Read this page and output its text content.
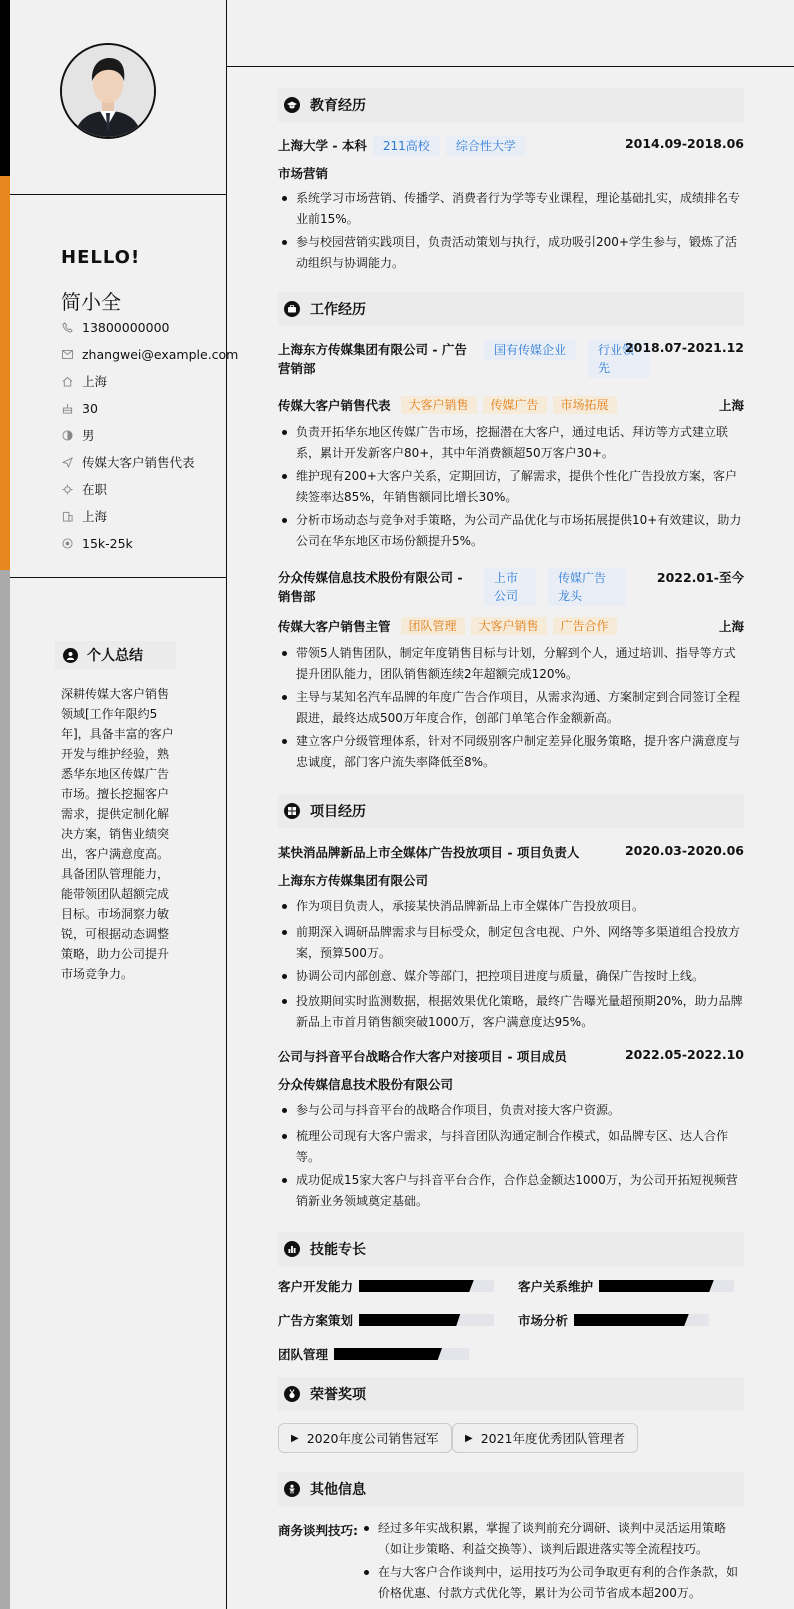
HELLO!
简小全
13800000000
zhangwei@example.com
上海
30
男
传媒大客户销售代表
在职
上海
15k-25k
个人总结
深耕传媒大客户销售领域[工作年限约5年]，具备丰富的客户开发与维护经验，熟悉华东地区传媒广告市场。擅长挖掘客户需求，提供定制化解决方案，销售业绩突出，客户满意度高。具备团队管理能力，能带领团队超额完成目标。市场洞察力敏锐，可根据动态调整策略，助力公司提升市场竞争力。
教育经历
上海大学 - 本科	211高校	综合性大学	2014.09-2018.06
市场营销
系统学习市场营销、传播学、消费者行为学等专业课程，理论基础扎实，成绩排名专业前15%。
参与校园营销实践项目，负责活动策划与执行，成功吸引200+学生参与，锻炼了活动组织与协调能力。
工作经历
上海东方传媒集团有限公司 - 广告营销部
国有传媒企业	行业领先
2018.07-2021.12
传媒大客户销售代表	大客户销售	传媒广告	市场拓展	上海
负责开拓华东地区传媒广告市场，挖掘潜在大客户，通过电话、拜访等方式建立联系，累计开发新客户80+，其中年消费额超50万客户30+。
维护现有200+大客户关系，定期回访，了解需求，提供个性化广告投放方案，客户续签率达85%，年销售额同比增长30%。
分析市场动态与竞争对手策略，为公司产品优化与市场拓展提供10+有效建议，助力公司在华东地区市场份额提升5%。
分众传媒信息技术股份有限公司 - 销售部
上市公司
传媒广告龙头
2022.01-至今
传媒大客户销售主管	团队管理	大客户销售	广告合作	上海
带领5人销售团队，制定年度销售目标与计划，分解到个人，通过培训、指导等方式提升团队能力，团队销售额连续2年超额完成120%。
主导与某知名汽车品牌的年度广告合作项目，从需求沟通、方案制定到合同签订全程跟进，最终达成500万年度合作，创部门单笔合作金额新高。
建立客户分级管理体系，针对不同级别客户制定差异化服务策略，提升客户满意度与忠诚度，部门客户流失率降低至8%。
项目经历
某快消品牌新品上市全媒体广告投放项目 - 项目负责人	2020.03-2020.06
上海东方传媒集团有限公司
作为项目负责人，承接某快消品牌新品上市全媒体广告投放项目。
前期深入调研品牌需求与目标受众，制定包含电视、户外、网络等多渠道组合投放方案，预算500万。
协调公司内部创意、媒介等部门，把控项目进度与质量，确保广告按时上线。
投放期间实时监测数据，根据效果优化策略，最终广告曝光量超预期20%，助力品牌新品上市首月销售额突破1000万，客户满意度达95%。
公司与抖音平台战略合作大客户对接项目 - 项目成员	2022.05-2022.10
分众传媒信息技术股份有限公司
参与公司与抖音平台的战略合作项目，负责对接大客户资源。
梳理公司现有大客户需求，与抖音团队沟通定制合作模式，如品牌专区、达人合作等。
成功促成15家大客户与抖音平台合作，合作总金额达1000万，为公司开拓短视频营销新业务领域奠定基础。
技能专长
客户开发能力	客户关系维护
广告方案策划	市场分析
团队管理
荣誉奖项
▶ 2020年度公司销售冠军	▶ 2021年度优秀团队管理者
其他信息
商务谈判技巧:	经过多年实战积累，掌握了谈判前充分调研、谈判中灵活运用策略（如让步策略、利益交换等）、谈判后跟进落实等全流程技巧。
在与大客户合作谈判中，运用技巧为公司争取更有利的合作条款，如价格优惠、付款方式优化等，累计为公司节省成本超200万。
